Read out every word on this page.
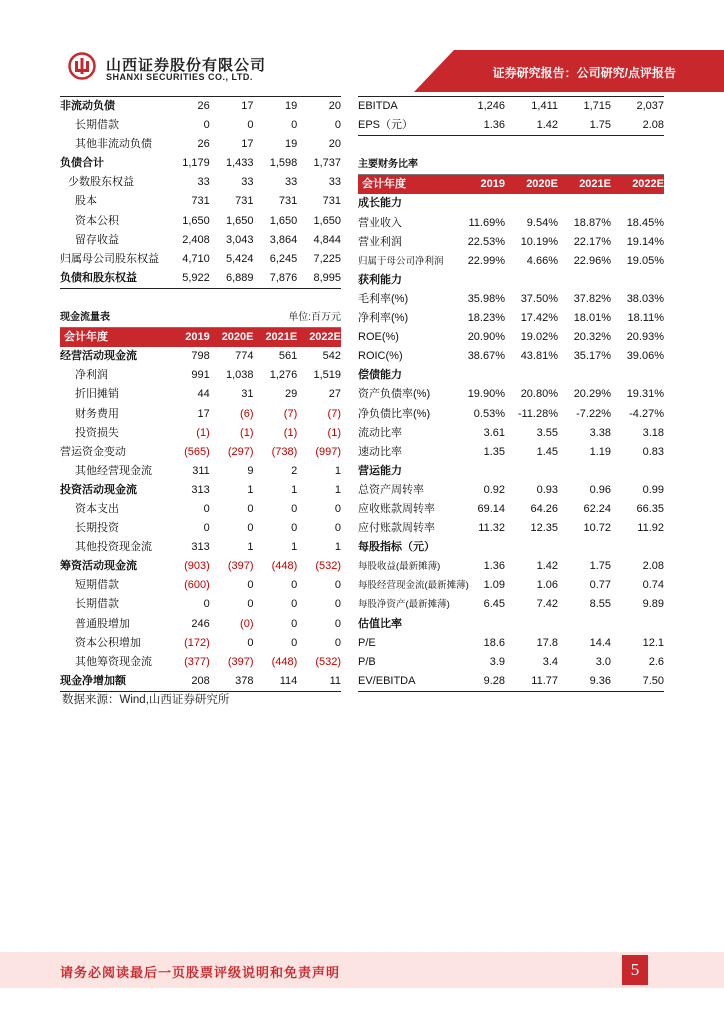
山西证券股份有限公司
SHANXI SECURITIES CO., LTD.	证券研究报告：公司研究/点评报告
非流动负债	26	17	19	20
长期借款	0	0	0	0
其他非流动负债	26	17	19	20
负债合计	1,179	1,433	1,598	1,737
少数股东权益	33	33	33	33
股本	731	731	731	731
资本公积	1,650	1,650	1,650	1,650
留存收益	2,408	3,043	3,864	4,844
归属母公司股东权益	4,710	5,424	6,245	7,225
负债和股东权益	5,922	6,889	7,876	8,995
现金流量表	单位:百万元
会计年度	2019	2020E	2021E	2022E
经营活动现金流	798	774	561	542
净利润	991	1,038	1,276	1,519
折旧摊销	44	31	29	27
财务费用	17	(6)	(7)	(7)
投资损失	(1)	(1)	(1)	(1)
营运资金变动	(565)	(297)	(738)	(997)
其他经营现金流	311	9	2	1
投资活动现金流	313	1	1	1
资本支出	0	0	0	0
长期投资	0	0	0	0
其他投资现金流	313	1	1	1
筹资活动现金流	(903)	(397)	(448)	(532)
短期借款	(600)	0	0	0
长期借款	0	0	0	0
普通股增加	246	(0)	0	0
资本公积增加	(172)	0	0	0
其他筹资现金流	(377)	(397)	(448)	(532)
现金净增加额	208	378	114	11
EBITDA	1,246	1,411	1,715	2,037
EPS（元）	1.36	1.42	1.75	2.08
主要财务比率
会计年度	2019	2020E	2021E	2022E
成长能力
营业收入	11.69%	9.54%	18.87%	18.45%
营业利润	22.53%	10.19%	22.17%	19.14%
归属于母公司净利润	22.99%	4.66%	22.96%	19.05%
获利能力
毛利率(%)	35.98%	37.50%	37.82%	38.03%
净利率(%)	18.23%	17.42%	18.01%	18.11%
ROE(%)	20.90%	19.02%	20.32%	20.93%
ROIC(%)	38.67%	43.81%	35.17%	39.06%
偿债能力
资产负债率(%)	19.90%	20.80%	20.29%	19.31%
净负债比率(%)	0.53%	-11.28%	-7.22%	-4.27%
流动比率	3.61	3.55	3.38	3.18
速动比率	1.35	1.45	1.19	0.83
营运能力
总资产周转率	0.92	0.93	0.96	0.99
应收账款周转率	69.14	64.26	62.24	66.35
应付账款周转率	11.32	12.35	10.72	11.92
每股指标（元）
每股收益(最新摊薄)	1.36	1.42	1.75	2.08
每股经营现金流(最新摊薄)	1.09	1.06	0.77	0.74
每股净资产(最新摊薄)	6.45	7.42	8.55	9.89
估值比率
P/E	18.6	17.8	14.4	12.1
P/B	3.9	3.4	3.0	2.6
EV/EBITDA	9.28	11.77	9.36	7.50
数据来源：Wind,山西证券研究所
请务必阅读最后一页股票评级说明和免责声明	5
